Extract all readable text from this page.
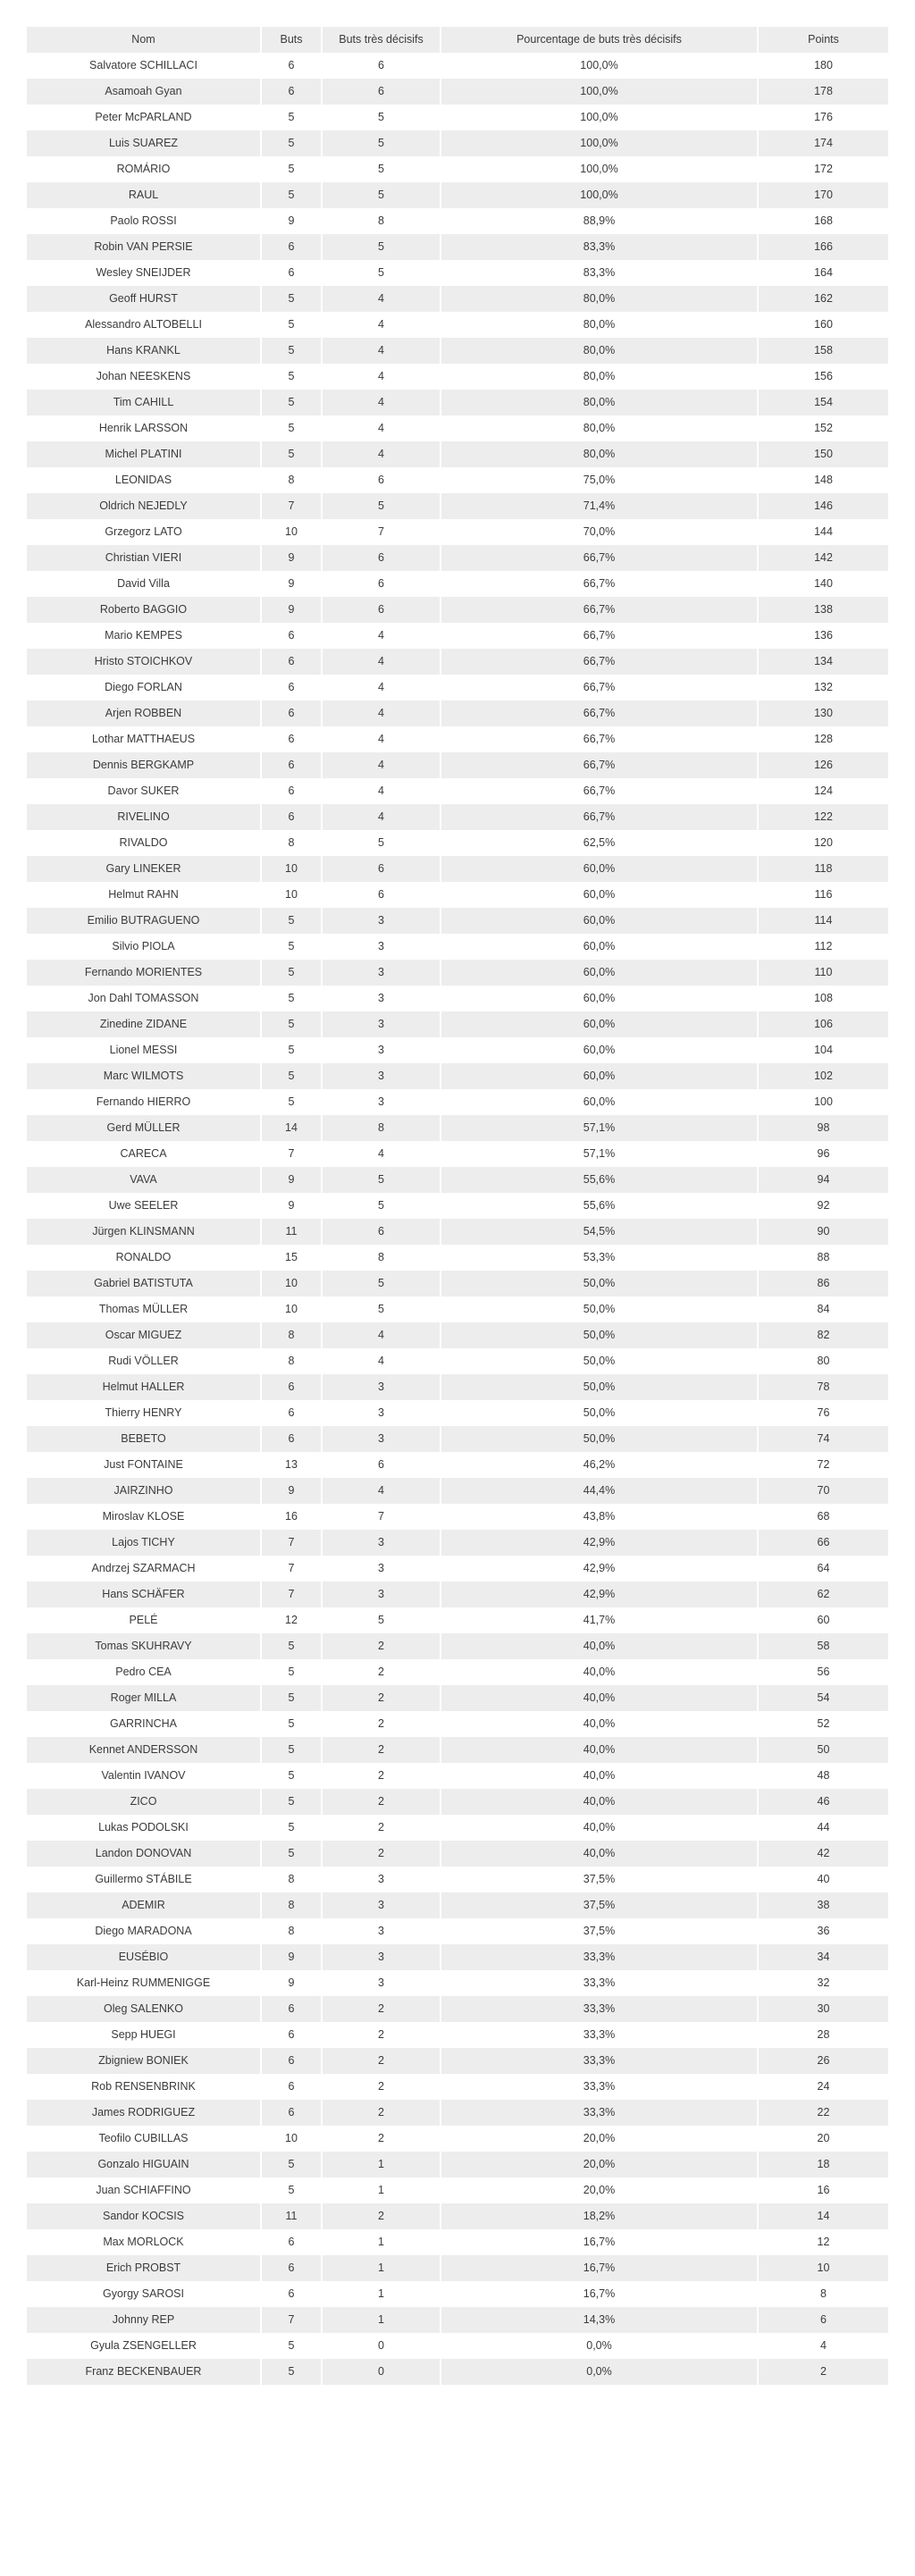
Nom	Buts	Buts très décisifs	Pourcentage de buts très décisifs	Points
Salvatore SCHILLACI	6	6	100,0%	180
Asamoah Gyan	6	6	100,0%	178
Peter McPARLAND	5	5	100,0%	176
Luis SUAREZ	5	5	100,0%	174
ROMÁRIO	5	5	100,0%	172
RAUL	5	5	100,0%	170
Paolo ROSSI	9	8	88,9%	168
Robin VAN PERSIE	6	5	83,3%	166
Wesley SNEIJDER	6	5	83,3%	164
Geoff HURST	5	4	80,0%	162
Alessandro ALTOBELLI	5	4	80,0%	160
Hans KRANKL	5	4	80,0%	158
Johan NEESKENS	5	4	80,0%	156
Tim CAHILL	5	4	80,0%	154
Henrik LARSSON	5	4	80,0%	152
Michel PLATINI	5	4	80,0%	150
LEONIDAS	8	6	75,0%	148
Oldrich NEJEDLY	7	5	71,4%	146
Grzegorz LATO	10	7	70,0%	144
Christian VIERI	9	6	66,7%	142
David Villa	9	6	66,7%	140
Roberto BAGGIO	9	6	66,7%	138
Mario KEMPES	6	4	66,7%	136
Hristo STOICHKOV	6	4	66,7%	134
Diego FORLAN	6	4	66,7%	132
Arjen ROBBEN	6	4	66,7%	130
Lothar MATTHAEUS	6	4	66,7%	128
Dennis BERGKAMP	6	4	66,7%	126
Davor SUKER	6	4	66,7%	124
RIVELINO	6	4	66,7%	122
RIVALDO	8	5	62,5%	120
Gary LINEKER	10	6	60,0%	118
Helmut RAHN	10	6	60,0%	116
Emilio BUTRAGUENO	5	3	60,0%	114
Silvio PIOLA	5	3	60,0%	112
Fernando MORIENTES	5	3	60,0%	110
Jon Dahl TOMASSON	5	3	60,0%	108
Zinedine ZIDANE	5	3	60,0%	106
Lionel MESSI	5	3	60,0%	104
Marc WILMOTS	5	3	60,0%	102
Fernando HIERRO	5	3	60,0%	100
Gerd MÜLLER	14	8	57,1%	98
CARECA	7	4	57,1%	96
VAVA	9	5	55,6%	94
Uwe SEELER	9	5	55,6%	92
Jürgen KLINSMANN	11	6	54,5%	90
RONALDO	15	8	53,3%	88
Gabriel BATISTUTA	10	5	50,0%	86
Thomas MÜLLER	10	5	50,0%	84
Oscar MIGUEZ	8	4	50,0%	82
Rudi VÖLLER	8	4	50,0%	80
Helmut HALLER	6	3	50,0%	78
Thierry HENRY	6	3	50,0%	76
BEBETO	6	3	50,0%	74
Just FONTAINE	13	6	46,2%	72
JAIRZINHO	9	4	44,4%	70
Miroslav KLOSE	16	7	43,8%	68
Lajos TICHY	7	3	42,9%	66
Andrzej SZARMACH	7	3	42,9%	64
Hans SCHÄFER	7	3	42,9%	62
PELÉ	12	5	41,7%	60
Tomas SKUHRAVY	5	2	40,0%	58
Pedro CEA	5	2	40,0%	56
Roger MILLA	5	2	40,0%	54
GARRINCHA	5	2	40,0%	52
Kennet ANDERSSON	5	2	40,0%	50
Valentin IVANOV	5	2	40,0%	48
ZICO	5	2	40,0%	46
Lukas PODOLSKI	5	2	40,0%	44
Landon DONOVAN	5	2	40,0%	42
Guillermo STÁBILE	8	3	37,5%	40
ADEMIR	8	3	37,5%	38
Diego MARADONA	8	3	37,5%	36
EUSÉBIO	9	3	33,3%	34
Karl-Heinz RUMMENIGGE	9	3	33,3%	32
Oleg SALENKO	6	2	33,3%	30
Sepp HUEGI	6	2	33,3%	28
Zbigniew BONIEK	6	2	33,3%	26
Rob RENSENBRINK	6	2	33,3%	24
James RODRIGUEZ	6	2	33,3%	22
Teofilo CUBILLAS	10	2	20,0%	20
Gonzalo HIGUAIN	5	1	20,0%	18
Juan SCHIAFFINO	5	1	20,0%	16
Sandor KOCSIS	11	2	18,2%	14
Max MORLOCK	6	1	16,7%	12
Erich PROBST	6	1	16,7%	10
Gyorgy SAROSI	6	1	16,7%	8
Johnny REP	7	1	14,3%	6
Gyula ZSENGELLER	5	0	0,0%	4
Franz BECKENBAUER	5	0	0,0%	2
